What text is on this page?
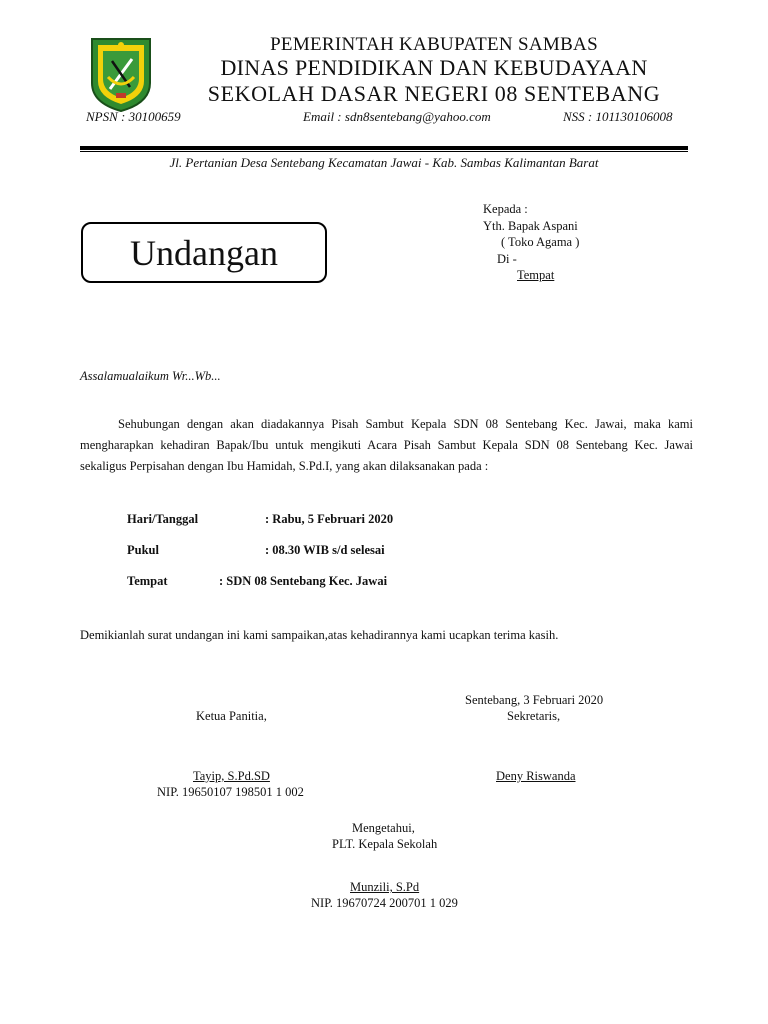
PEMERINTAH KABUPATEN SAMBAS
DINAS PENDIDIKAN DAN KEBUDAYAAN
SEKOLAH DASAR NEGERI 08 SENTEBANG
NPSN : 30100659	Email : sdn8sentebang@yahoo.com	NSS : 101130106008
Jl. Pertanian Desa Sentebang Kecamatan Jawai - Kab. Sambas Kalimantan Barat
Undangan
Kepada :
Yth. Bapak Aspani
( Toko Agama )
Di -
Tempat
Assalamualaikum Wr...Wb...
Sehubungan dengan akan diadakannya Pisah Sambut Kepala SDN 08 Sentebang Kec. Jawai, maka kami mengharapkan kehadiran Bapak/Ibu untuk mengikuti Acara Pisah Sambut Kepala SDN 08 Sentebang Kec. Jawai sekaligus Perpisahan dengan Ibu Hamidah, S.Pd.I, yang akan dilaksanakan pada :
Hari/Tanggal	: Rabu, 5 Februari 2020
Pukul	: 08.30 WIB s/d selesai
Tempat	: SDN 08 Sentebang Kec. Jawai
Demikianlah surat undangan ini kami sampaikan,atas kehadirannya kami ucapkan terima kasih.
Sentebang, 3 Februari 2020
Ketua Panitia,	Sekretaris,
Tayip, S.Pd.SD
NIP. 19650107 198501 1 002
Deny Riswanda
Mengetahui,
PLT. Kepala Sekolah
Munzili, S.Pd
NIP. 19670724 200701 1 029
